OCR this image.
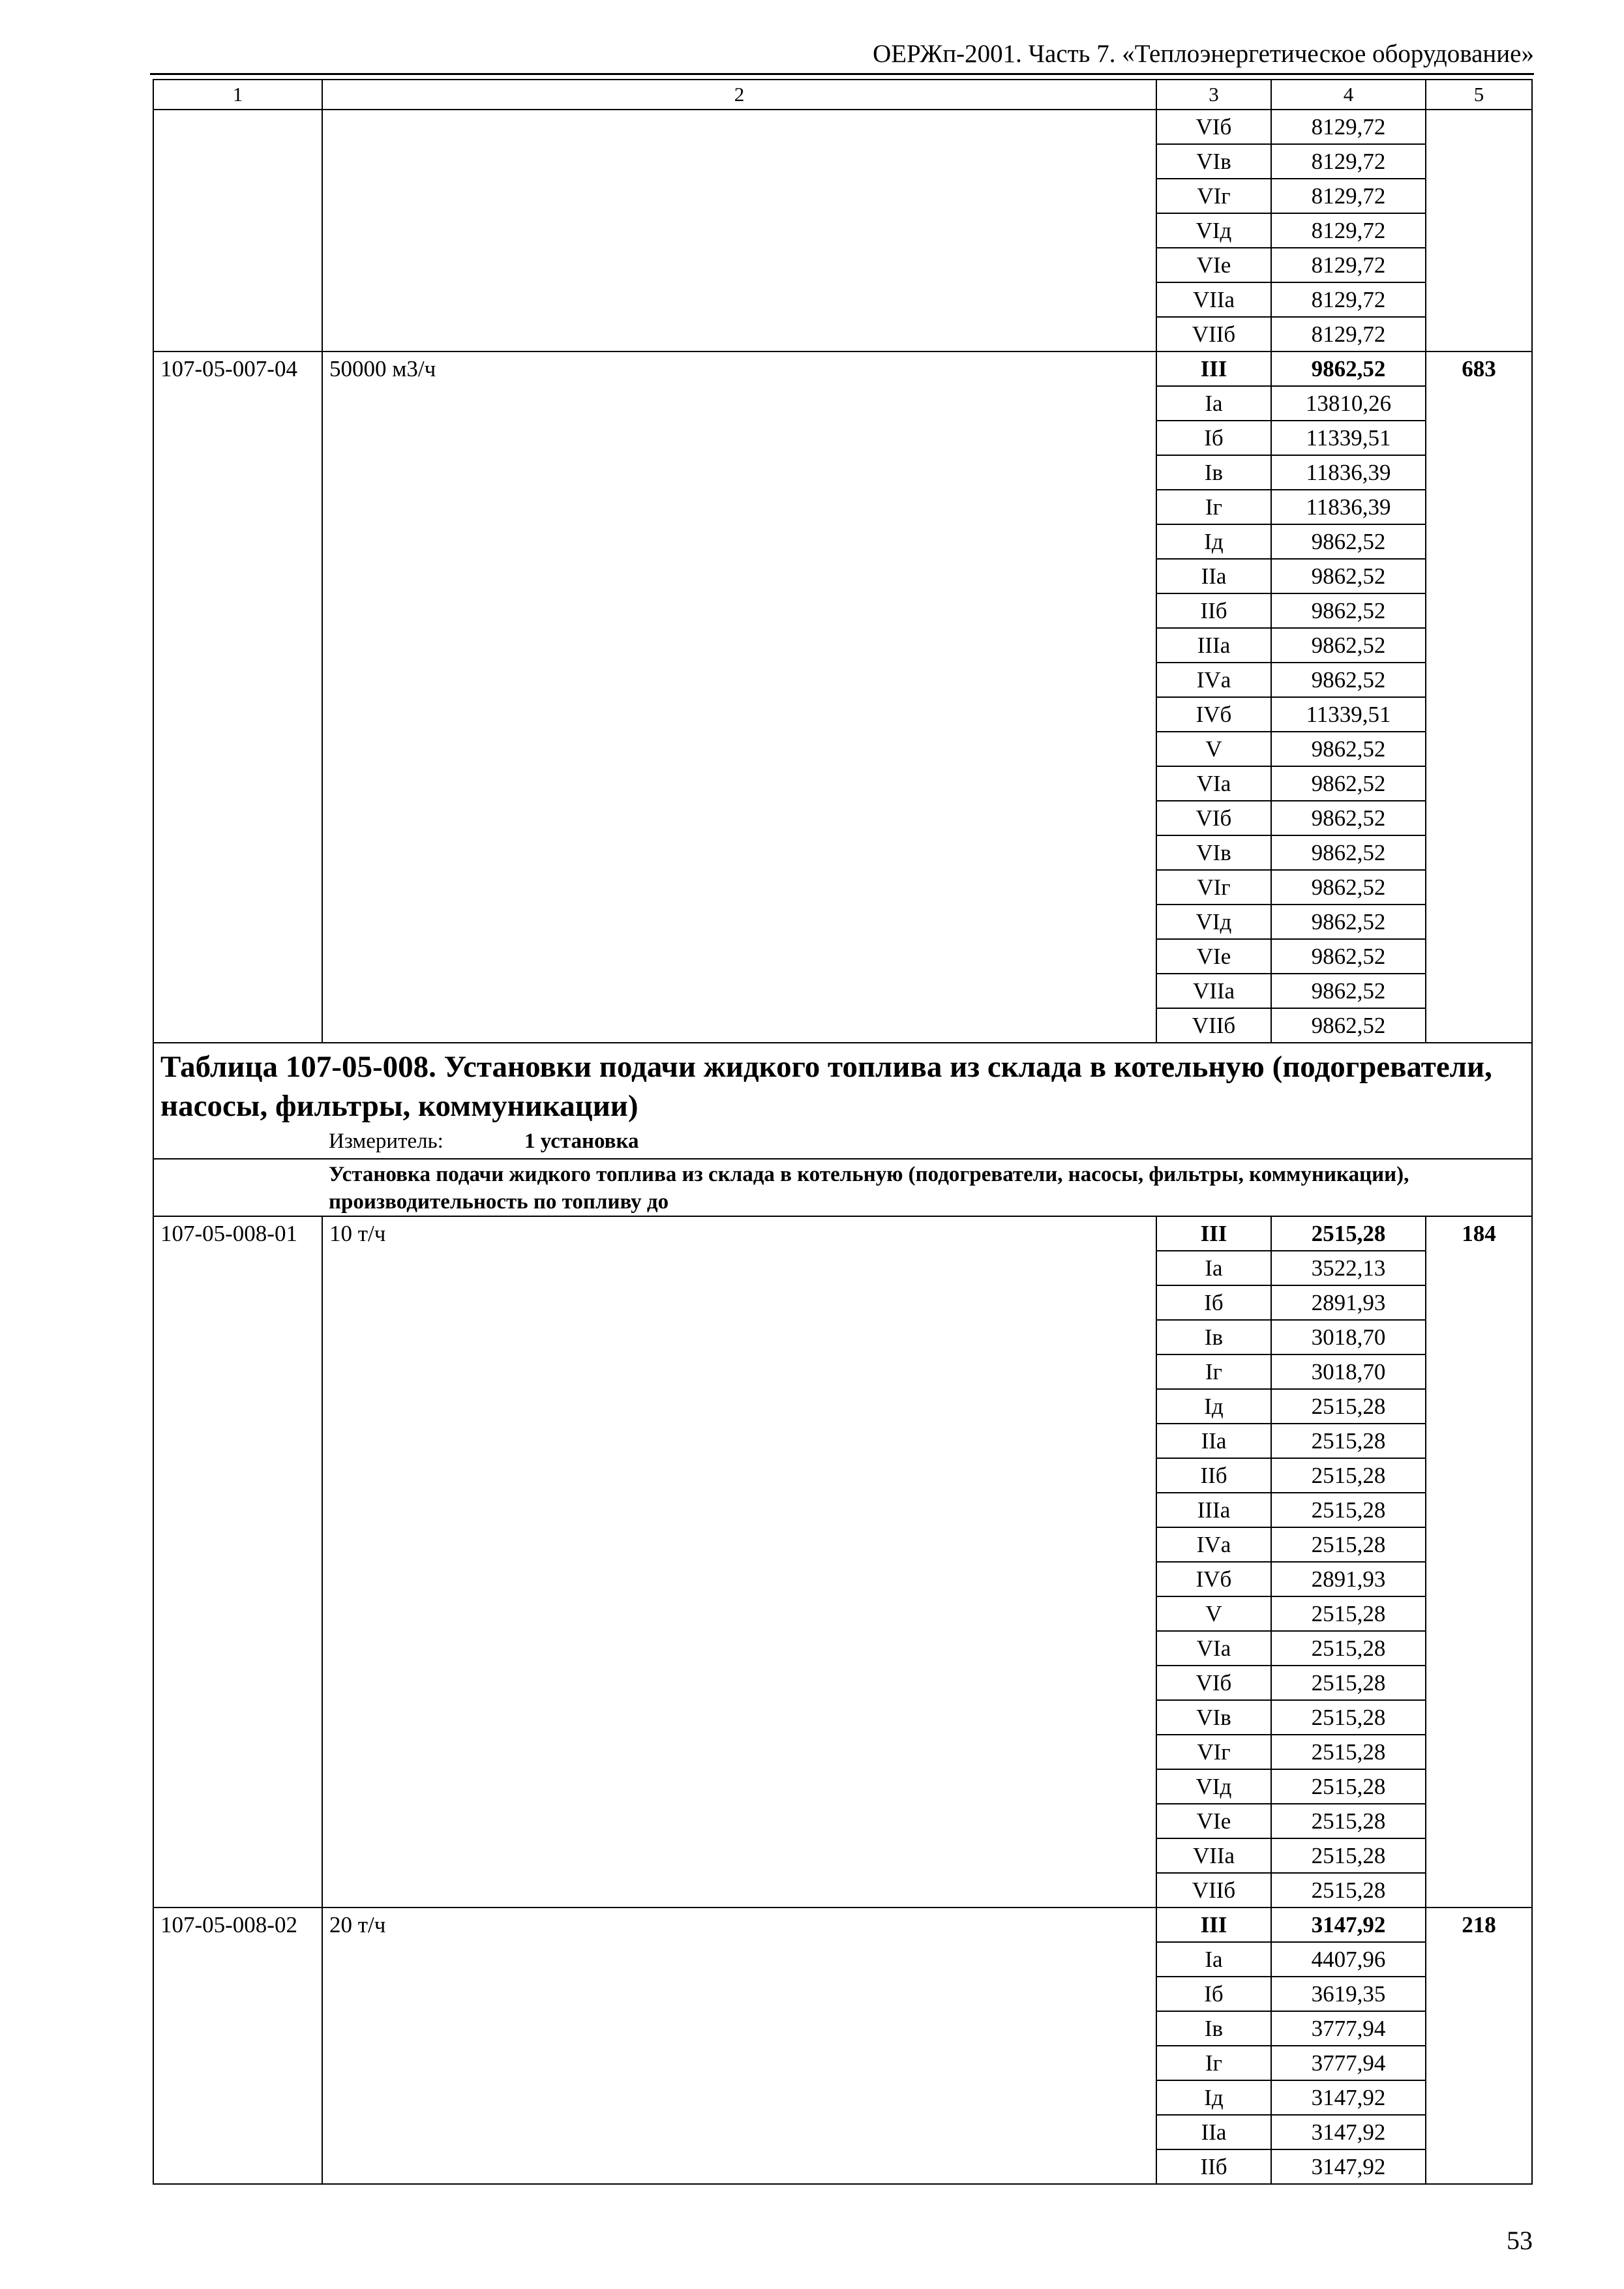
ОЕРЖп-2001. Часть 7. «Теплоэнергетическое оборудование»
1	2	3	4	5
		VIб	8129,72	
		VIв	8129,72	
		VIг	8129,72	
		VIд	8129,72	
		VIе	8129,72	
		VIIа	8129,72	
		VIIб	8129,72	
107-05-007-04	50000 м3/ч	III	9862,52	683
		Iа	13810,26	
		Iб	11339,51	
		Iв	11836,39	
		Iг	11836,39	
		Iд	9862,52	
		IIа	9862,52	
		IIб	9862,52	
		IIIа	9862,52	
		IVа	9862,52	
		IVб	11339,51	
		V	9862,52	
		VIа	9862,52	
		VIб	9862,52	
		VIв	9862,52	
		VIг	9862,52	
		VIд	9862,52	
		VIе	9862,52	
		VIIа	9862,52	
		VIIб	9862,52	

Таблица 107-05-008. Установки подачи жидкого топлива из склада в котельную (подогреватели, насосы, фильтры, коммуникации)
Измеритель: 1 установка				

Установка подачи жидкого топлива из склада в котельную (подогреватели, насосы, фильтры, коммуникации), производительность по топливу до				

107-05-008-01	10 т/ч	III	2515,28	184
		Iа	3522,13	
		Iб	2891,93	
		Iв	3018,70	
		Iг	3018,70	
		Iд	2515,28	
		IIа	2515,28	
		IIб	2515,28	
		IIIа	2515,28	
		IVа	2515,28	
		IVб	2891,93	
		V	2515,28	
		VIа	2515,28	
		VIб	2515,28	
		VIв	2515,28	
		VIг	2515,28	
		VIд	2515,28	
		VIе	2515,28	
		VIIа	2515,28	
		VIIб	2515,28	
107-05-008-02	20 т/ч	III	3147,92	218
		Iа	4407,96	
		Iб	3619,35	
		Iв	3777,94	
		Iг	3777,94	
		Iд	3147,92	
		IIа	3147,92	
		IIб	3147,92	
53
